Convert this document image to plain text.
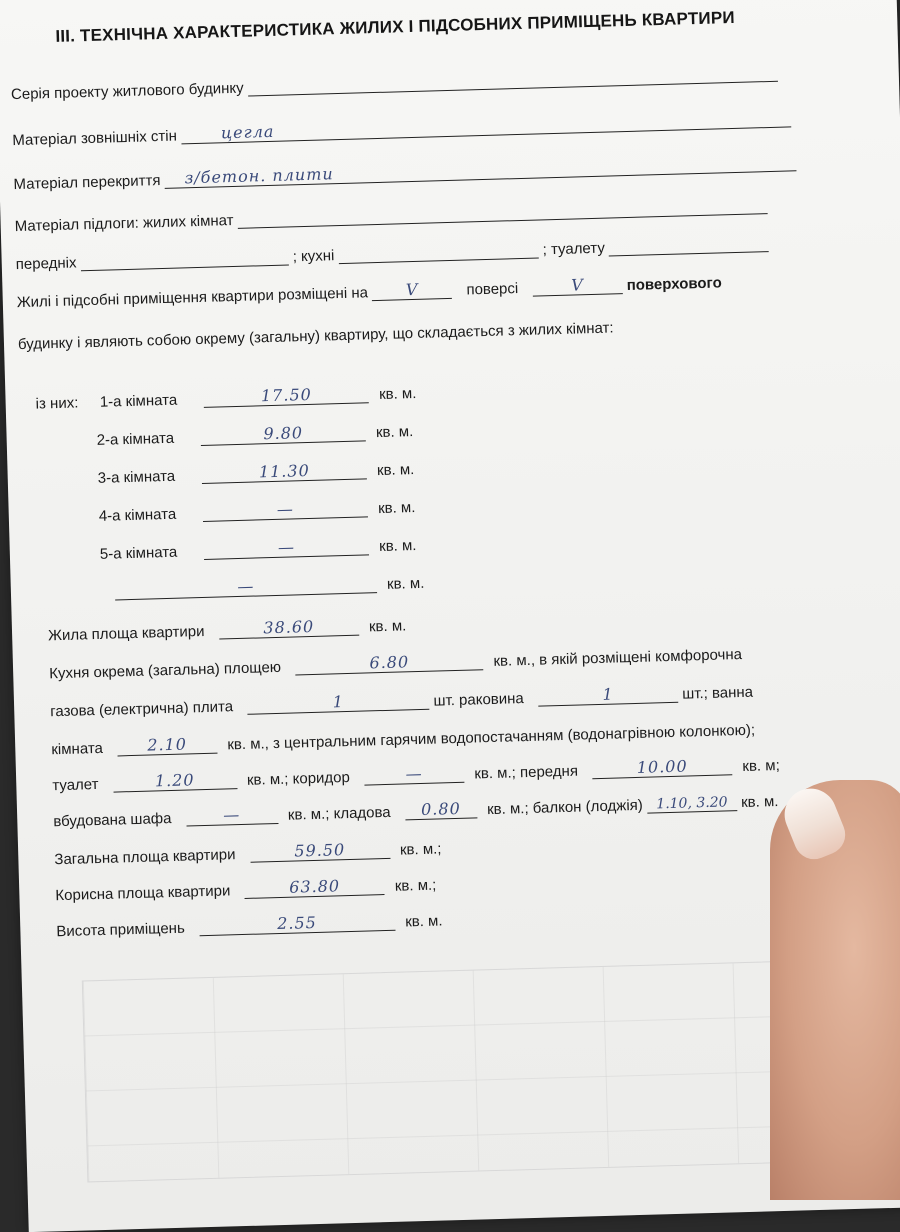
ІІІ. ТЕХНІЧНА ХАРАКТЕРИСТИКА ЖИЛИХ І ПІДСОБНИХ ПРИМІЩЕНЬ КВАРТИРИ
Серія проекту житлового будинку
Матеріал зовнішніх стін	цегла
Матеріал перекриття з/бетон. плити
Матеріал підлоги: жилих кімнат
передніх	; кухні	; туалету
Жилі і підсобні приміщення квартири розміщені на	V	поверсі	V	поверхового
будинку і являють собою окрему (загальну) квартиру, що складається з жилих кімнат:
із них: 1-а кімната	17.50	кв. м.
2-а кімната	9.80	кв. м.
3-а кімната	11.30	кв. м.
4-а кімната	—	кв. м.
5-а кімната	—	кв. м.
—	кв. м.
Жила площа квартири	38.60	кв. м.
Кухня окрема (загальна) площею	6.80	кв. м., в якій розміщені комфорочна
газова (електрична) плита	1	шт. раковина	1	шт.; ванна
кімната	2.10	кв. м., з центральним гарячим водопостачанням (водонагрівною колонкою);
туалет	1.20	кв. м.; коридор	—	кв. м.; передня	10.00	кв. м;
вбудована шафа	—	кв. м.; кладова	0.80	кв. м.; балкон (лоджія) 1.10, 3.20 кв. м.
Загальна площа квартири	59.50	кв. м.;
Корисна площа квартири	63.80	кв. м.;
Висота приміщень	2.55	кв. м.
